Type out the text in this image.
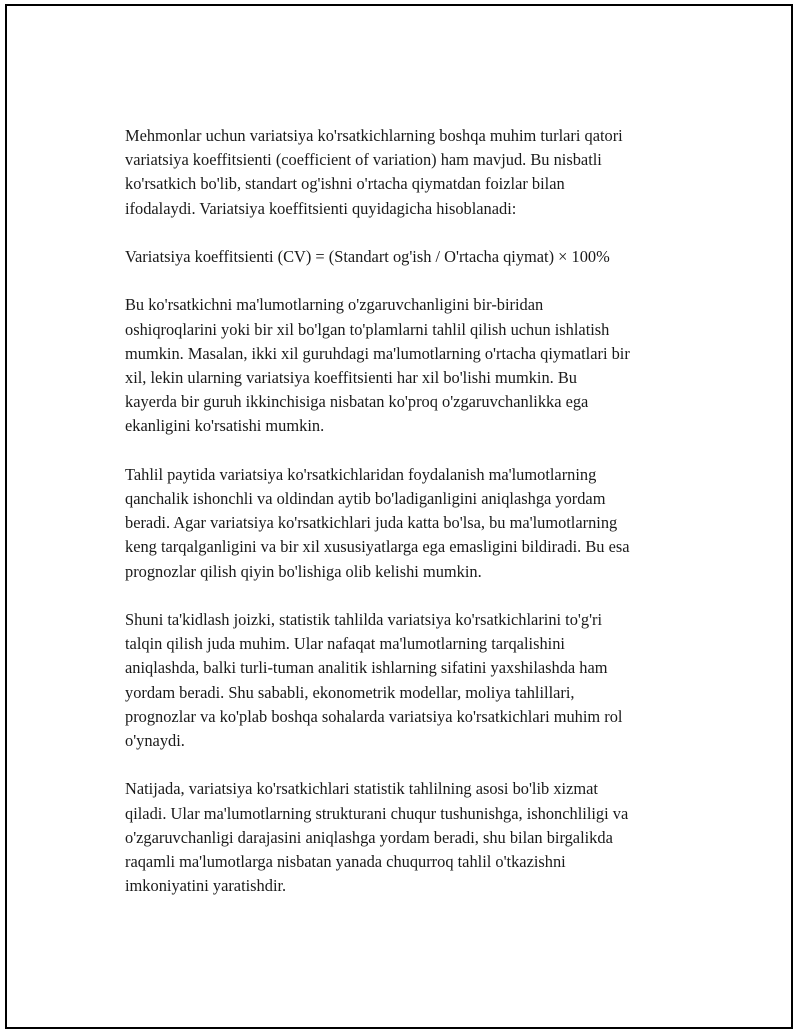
Mehmonlar uchun variatsiya ko'rsatkichlarning boshqa muhim turlari qatori
variatsiya koeffitsienti (coefficient of variation) ham mavjud. Bu nisbatli
ko'rsatkich bo'lib, standart og'ishni o'rtacha qiymatdan foizlar bilan
ifodalaydi. Variatsiya koeffitsienti quyidagicha hisoblanadi:

Variatsiya koeffitsienti (CV) = (Standart og'ish / O'rtacha qiymat) × 100%

Bu ko'rsatkichni ma'lumotlarning o'zgaruvchanligini bir-biridan
oshiqroqlarini yoki bir xil bo'lgan to'plamlarni tahlil qilish uchun ishlatish
mumkin. Masalan, ikki xil guruhdagi ma'lumotlarning o'rtacha qiymatlari bir
xil, lekin ularning variatsiya koeffitsienti har xil bo'lishi mumkin. Bu
kayerda bir guruh ikkinchisiga nisbatan ko'proq o'zgaruvchanlikka ega
ekanligini ko'rsatishi mumkin.

Tahlil paytida variatsiya ko'rsatkichlaridan foydalanish ma'lumotlarning
qanchalik ishonchli va oldindan aytib bo'ladiganligini aniqlashga yordam
beradi. Agar variatsiya ko'rsatkichlari juda katta bo'lsa, bu ma'lumotlarning
keng tarqalganligini va bir xil xususiyatlarga ega emasligini bildiradi. Bu esa
prognozlar qilish qiyin bo'lishiga olib kelishi mumkin.

Shuni ta'kidlash joizki, statistik tahlilda variatsiya ko'rsatkichlarini to'g'ri
talqin qilish juda muhim. Ular nafaqat ma'lumotlarning tarqalishini
aniqlashda, balki turli-tuman analitik ishlarning sifatini yaxshilashda ham
yordam beradi. Shu sababli, ekonometrik modellar, moliya tahlillari,
prognozlar va ko'plab boshqa sohalarda variatsiya ko'rsatkichlari muhim rol
o'ynaydi.

Natijada, variatsiya ko'rsatkichlari statistik tahlilning asosi bo'lib xizmat
qiladi. Ular ma'lumotlarning strukturani chuqur tushunishga, ishonchliligi va
o'zgaruvchanligi darajasini aniqlashga yordam beradi, shu bilan birgalikda
raqamli ma'lumotlarga nisbatan yanada chuqurroq tahlil o'tkazishni
imkoniyatini yaratishdir.
